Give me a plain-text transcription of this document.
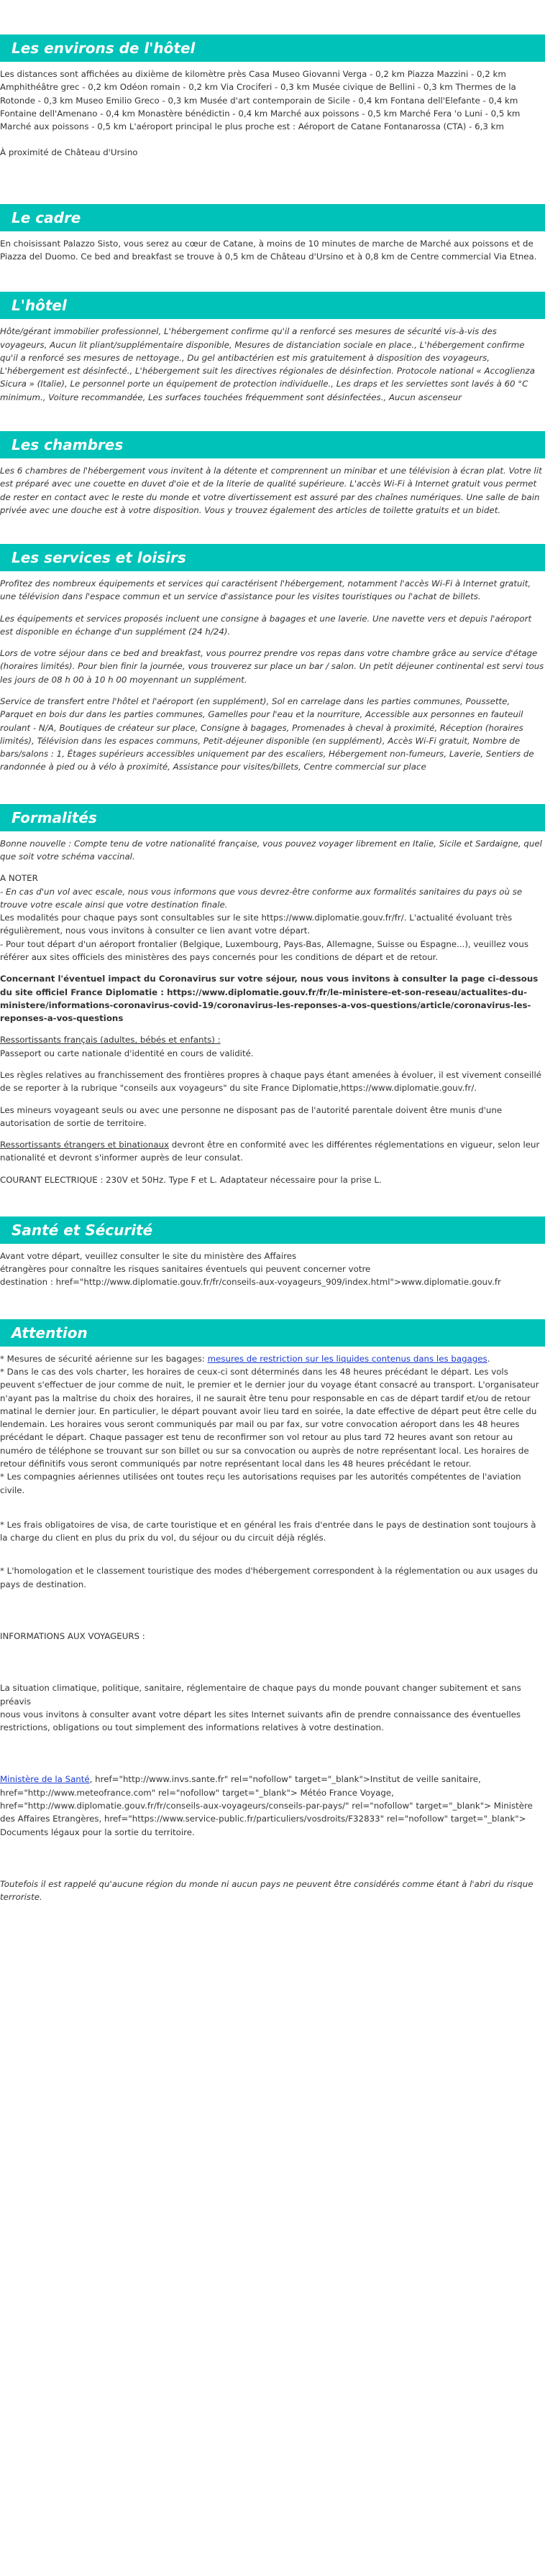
Les environs de l'hôtel

Les distances sont affichées au dixième de kilomètre près Casa Museo Giovanni Verga - 0,2 km Piazza Mazzini - 0,2 km Amphithéâtre grec - 0,2 km Odéon romain - 0,2 km Via Crociferi - 0,3 km Musée civique de Bellini - 0,3 km Thermes de la Rotonde - 0,3 km Museo Emilio Greco - 0,3 km Musée d'art contemporain de Sicile - 0,4 km Fontana dell'Elefante - 0,4 km Fontaine dell'Amenano - 0,4 km Monastère bénédictin - 0,4 km Marché aux poissons - 0,5 km Marché Fera 'o Luni - 0,5 km Marché aux poissons - 0,5 km L'aéroport principal le plus proche est : Aéroport de Catane Fontanarossa (CTA) - 6,3 km

À proximité de Château d'Ursino

Le cadre

En choisissant Palazzo Sisto, vous serez au cœur de Catane, à moins de 10 minutes de marche de Marché aux poissons et de Piazza del Duomo. Ce bed and breakfast se trouve à 0,5 km de Château d'Ursino et à 0,8 km de Centre commercial Via Etnea.

L'hôtel

Hôte/gérant immobilier professionnel, L'hébergement confirme qu'il a renforcé ses mesures de sécurité vis-à-vis des voyageurs, Aucun lit pliant/supplémentaire disponible, Mesures de distanciation sociale en place., L'hébergement confirme qu'il a renforcé ses mesures de nettoyage., Du gel antibactérien est mis gratuitement à disposition des voyageurs, L'hébergement est désinfecté., L'hébergement suit les directives régionales de désinfection. Protocole national « Accoglienza Sicura » (Italie), Le personnel porte un équipement de protection individuelle., Les draps et les serviettes sont lavés à 60 °C minimum., Voiture recommandée, Les surfaces touchées fréquemment sont désinfectées., Aucun ascenseur

Les chambres

Les 6 chambres de l'hébergement vous invitent à la détente et comprennent un minibar et une télévision à écran plat. Votre lit est préparé avec une couette en duvet d'oie et de la literie de qualité supérieure. L'accès Wi-Fi à Internet gratuit vous permet de rester en contact avec le reste du monde et votre divertissement est assuré par des chaînes numériques. Une salle de bain privée avec une douche est à votre disposition. Vous y trouvez également des articles de toilette gratuits et un bidet.

Les services et loisirs

Profitez des nombreux équipements et services qui caractérisent l'hébergement, notamment l'accès Wi-Fi à Internet gratuit, une télévision dans l'espace commun et un service d'assistance pour les visites touristiques ou l'achat de billets.

Les équipements et services proposés incluent une consigne à bagages et une laverie. Une navette vers et depuis l'aéroport est disponible en échange d'un supplément (24 h/24).

Lors de votre séjour dans ce bed and breakfast, vous pourrez prendre vos repas dans votre chambre grâce au service d'étage (horaires limités). Pour bien finir la journée, vous trouverez sur place un bar / salon. Un petit déjeuner continental est servi tous les jours de 08 h 00 à 10 h 00 moyennant un supplément.

Service de transfert entre l'hôtel et l'aéroport (en supplément), Sol en carrelage dans les parties communes, Poussette, Parquet en bois dur dans les parties communes, Gamelles pour l'eau et la nourriture, Accessible aux personnes en fauteuil roulant - N/A, Boutiques de créateur sur place, Consigne à bagages, Promenades à cheval à proximité, Réception (horaires limités), Télévision dans les espaces communs, Petit-déjeuner disponible (en supplément), Accès Wi-Fi gratuit, Nombre de bars/salons : 1, Étages supérieurs accessibles uniquement par des escaliers, Hébergement non-fumeurs, Laverie, Sentiers de randonnée à pied ou à vélo à proximité, Assistance pour visites/billets, Centre commercial sur place

Formalités

Bonne nouvelle : Compte tenu de votre nationalité française, vous pouvez voyager librement en Italie, Sicile et Sardaigne, quel que soit votre schéma vaccinal.

A NOTER

- En cas d'un vol avec escale, nous vous informons que vous devrez-être conforme aux formalités sanitaires du pays où se trouve votre escale ainsi que votre destination finale.

Les modalités pour chaque pays sont consultables sur le site https://www.diplomatie.gouv.fr/fr/. L'actualité évoluant très régulièrement, nous vous invitons à consulter ce lien avant votre départ.

- Pour tout départ d'un aéroport frontalier (Belgique, Luxembourg, Pays-Bas, Allemagne, Suisse ou Espagne...), veuillez vous référer aux sites officiels des ministères des pays concernés pour les conditions de départ et de retour.

Concernant l'éventuel impact du Coronavirus sur votre séjour, nous vous invitons à consulter la page ci-dessous du site officiel France Diplomatie : https://www.diplomatie.gouv.fr/fr/le-ministere-et-son-reseau/actualites-du-ministere/informations-coronavirus-covid-19/coronavirus-les-reponses-a-vos-questions/article/coronavirus-les-reponses-a-vos-questions

Ressortissants français (adultes, bébés et enfants) :

Passeport ou carte nationale d'identité en cours de validité.

Les règles relatives au franchissement des frontières propres à chaque pays étant amenées à évoluer, il est vivement conseillé de se reporter à la rubrique "conseils aux voyageurs" du site France Diplomatie,https://www.diplomatie.gouv.fr/.

Les mineurs voyageant seuls ou avec une personne ne disposant pas de l'autorité parentale doivent être munis d'une autorisation de sortie de territoire.

Ressortissants étrangers et binationaux devront être en conformité avec les différentes réglementations en vigueur, selon leur nationalité et devront s'informer auprès de leur consulat.

COURANT ELECTRIQUE : 230V et 50Hz. Type F et L. Adaptateur nécessaire pour la prise L.

Santé et Sécurité

Avant votre départ, veuillez consulter le site du ministère des Affaires

étrangères pour connaître les risques sanitaires éventuels qui peuvent concerner votre

destination : href="http://www.diplomatie.gouv.fr/fr/conseils-aux-voyageurs_909/index.html">www.diplomatie.gouv.fr

Attention

* Mesures de sécurité aérienne sur les bagages: mesures de restriction sur les liquides contenus dans les bagages.

* Dans le cas des vols charter, les horaires de ceux-ci sont déterminés dans les 48 heures précédant le départ. Les vols peuvent s'effectuer de jour comme de nuit, le premier et le dernier jour du voyage étant consacré au transport. L'organisateur n'ayant pas la maîtrise du choix des horaires, il ne saurait être tenu pour responsable en cas de départ tardif et/ou de retour matinal le dernier jour. En particulier, le départ pouvant avoir lieu tard en soirée, la date effective de départ peut être celle du lendemain. Les horaires vous seront communiqués par mail ou par fax, sur votre convocation aéroport dans les 48 heures précédant le départ. Chaque passager est tenu de reconfirmer son vol retour au plus tard 72 heures avant son retour au numéro de téléphone se trouvant sur son billet ou sur sa convocation ou auprès de notre représentant local. Les horaires de retour définitifs vous seront communiqués par notre représentant local dans les 48 heures précédant le retour.

* Les compagnies aériennes utilisées ont toutes reçu les autorisations requises par les autorités compétentes de l'aviation civile.

* Les frais obligatoires de visa, de carte touristique et en général les frais d'entrée dans le pays de destination sont toujours à la charge du client en plus du prix du vol, du séjour ou du circuit déjà réglés.

* L'homologation et le classement touristique des modes d'hébergement correspondent à la réglementation ou aux usages du pays de destination.

INFORMATIONS AUX VOYAGEURS :

La situation climatique, politique, sanitaire, réglementaire de chaque pays du monde pouvant changer subitement et sans préavis

nous vous invitons à consulter avant votre départ les sites Internet suivants afin de prendre connaissance des éventuelles restrictions, obligations ou tout simplement des informations relatives à votre destination.

Ministère de la Santé, href="http://www.invs.sante.fr" rel="nofollow" target="_blank">Institut de veille sanitaire, href="http://www.meteofrance.com" rel="nofollow" target="_blank"> Météo France Voyage, href="http://www.diplomatie.gouv.fr/fr/conseils-aux-voyageurs/conseils-par-pays/" rel="nofollow" target="_blank"> Ministère des Affaires Etrangères, href="https://www.service-public.fr/particuliers/vosdroits/F32833" rel="nofollow" target="_blank"> Documents légaux pour la sortie du territoire.

Toutefois il est rappelé qu'aucune région du monde ni aucun pays ne peuvent être considérés comme étant à l'abri du risque terroriste.
